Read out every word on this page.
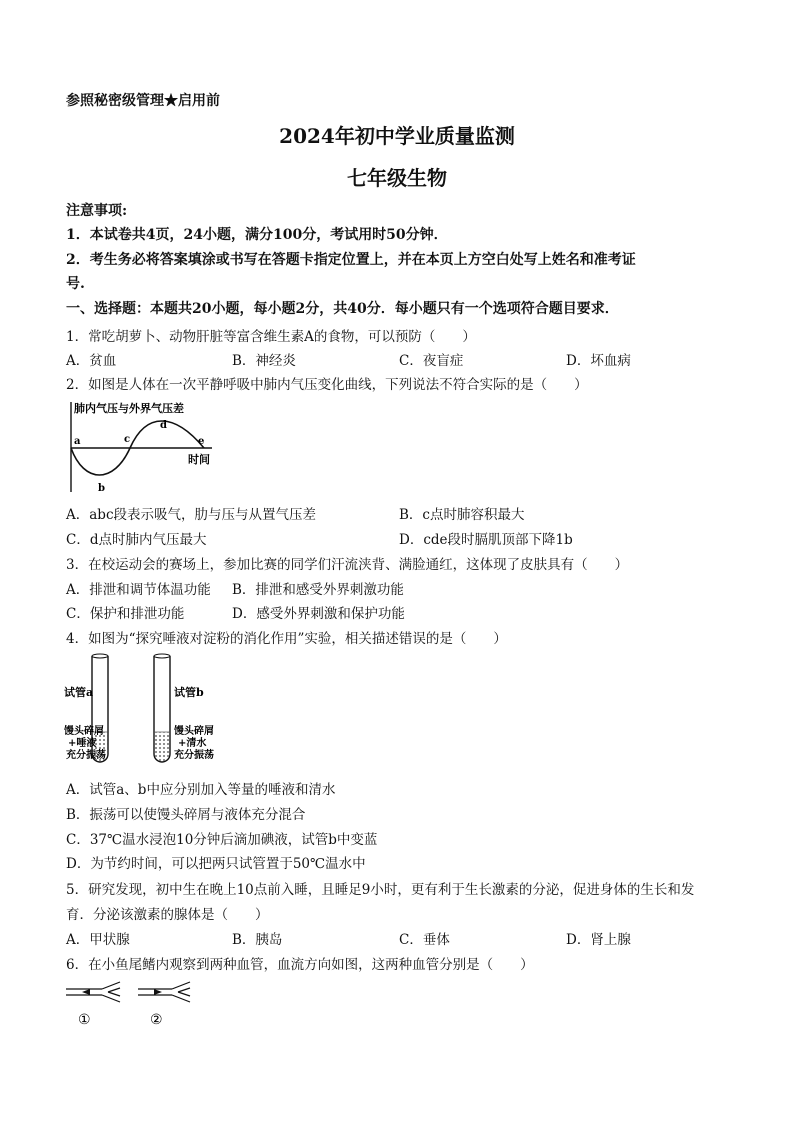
参照秘密级管理★启用前
2024年初中学业质量监测
七年级生物
注意事项:
1．本试卷共4页，24小题，满分100分，考试用时50分钟．
2．考生务必将答案填涂或书写在答题卡指定位置上，并在本页上方空白处写上姓名和准考证
号.
一、选择题：本题共20小题，每小题2分，共40分．每小题只有一个选项符合题目要求．
1．常吃胡萝卜、动物肝脏等富含维生素A的食物，可以预防（　　）
A．贫血	B．神经炎	C．夜盲症	D．坏血病
2．如图是人体在一次平静呼吸中肺内气压变化曲线，下列说法不符合实际的是（　　）
肺内气压与外界气压差
时间
a
b
c
d
e
A．abc段表示吸气，肋与压与从置气压差	B．c点时肺容积最大
C．d点时肺内气压最大	D．cde段时膈肌顶部下降1b
3．在校运动会的赛场上，参加比赛的同学们汗流浃背、满脸通红，这体现了皮肤具有（　　）
A．排泄和调节体温功能 B．排泄和感受外界刺激功能
C．保护和排泄功能	D．感受外界刺激和保护功能
4．如图为“探究唾液对淀粉的消化作用”实验，相关描述错误的是（　　）
试管a	试管b
馒头碎屑
+唾液
充分振荡
馒头碎屑
+清水
充分振荡
A．试管a、b中应分别加入等量的唾液和清水
B．振荡可以使馒头碎屑与液体充分混合
C．37℃温水浸泡10分钟后滴加碘液，试管b中变蓝
D．为节约时间，可以把两只试管置于50℃温水中
5．研究发现，初中生在晚上10点前入睡，且睡足9小时，更有利于生长激素的分泌，促进身体的生长和发
育．分泌该激素的腺体是（　　）
A．甲状腺	B．胰岛	C．垂体	D．肾上腺
6．在小鱼尾鳍内观察到两种血管，血流方向如图，这两种血管分别是（　　）
①	②
